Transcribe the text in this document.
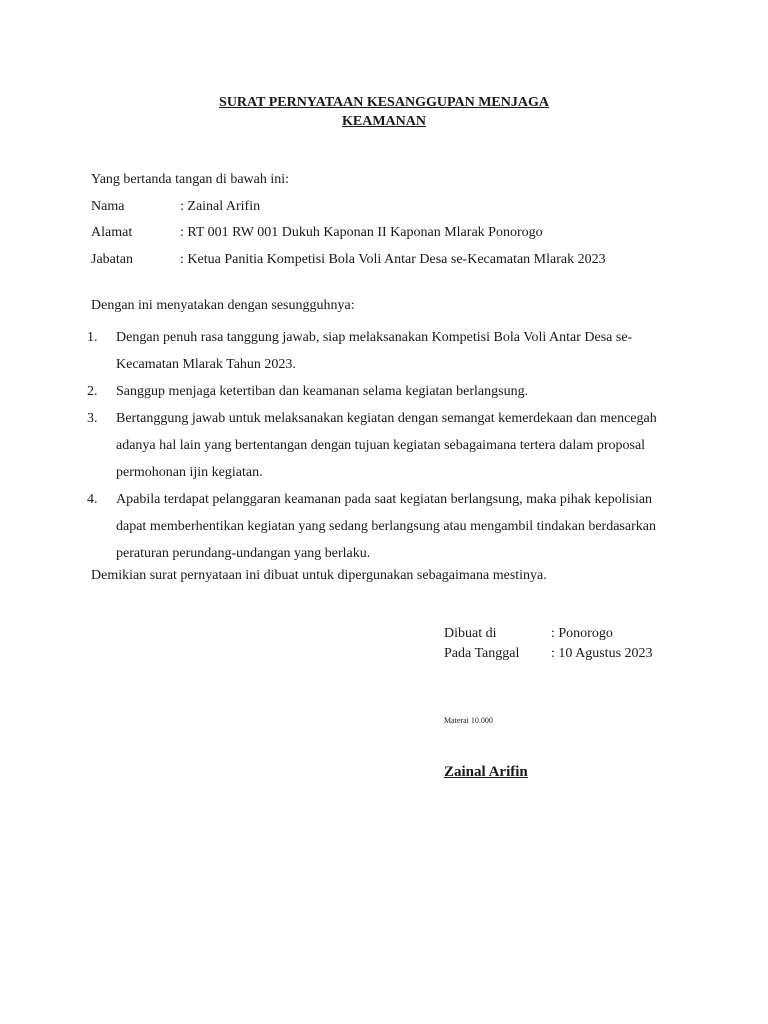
SURAT PERNYATAAN KESANGGUPAN MENJAGA
KEAMANAN
Yang bertanda tangan di bawah ini:
Nama	: Zainal Arifin
Alamat	: RT 001 RW 001 Dukuh Kaponan II Kaponan Mlarak Ponorogo
Jabatan	: Ketua Panitia Kompetisi Bola Voli Antar Desa se-Kecamatan Mlarak 2023
Dengan ini menyatakan dengan sesungguhnya:

1. Dengan penuh rasa tanggung jawab, siap melaksanakan Kompetisi Bola Voli Antar Desa se-Kecamatan Mlarak Tahun 2023.

2. Sanggup menjaga ketertiban dan keamanan selama kegiatan berlangsung.

3. Bertanggung jawab untuk melaksanakan kegiatan dengan semangat kemerdekaan dan mencegah adanya hal lain yang bertentangan dengan tujuan kegiatan sebagaimana tertera dalam proposal permohonan ijin kegiatan.

4. Apabila terdapat pelanggaran keamanan pada saat kegiatan berlangsung, maka pihak kepolisian dapat memberhentikan kegiatan yang sedang berlangsung atau mengambil tindakan berdasarkan peraturan perundang-undangan yang berlaku.

Demikian surat pernyataan ini dibuat untuk dipergunakan sebagaimana mestinya.
Dibuat di	: Ponorogo
Pada Tanggal	: 10 Agustus 2023
Materai 10.000
Zainal Arifin
